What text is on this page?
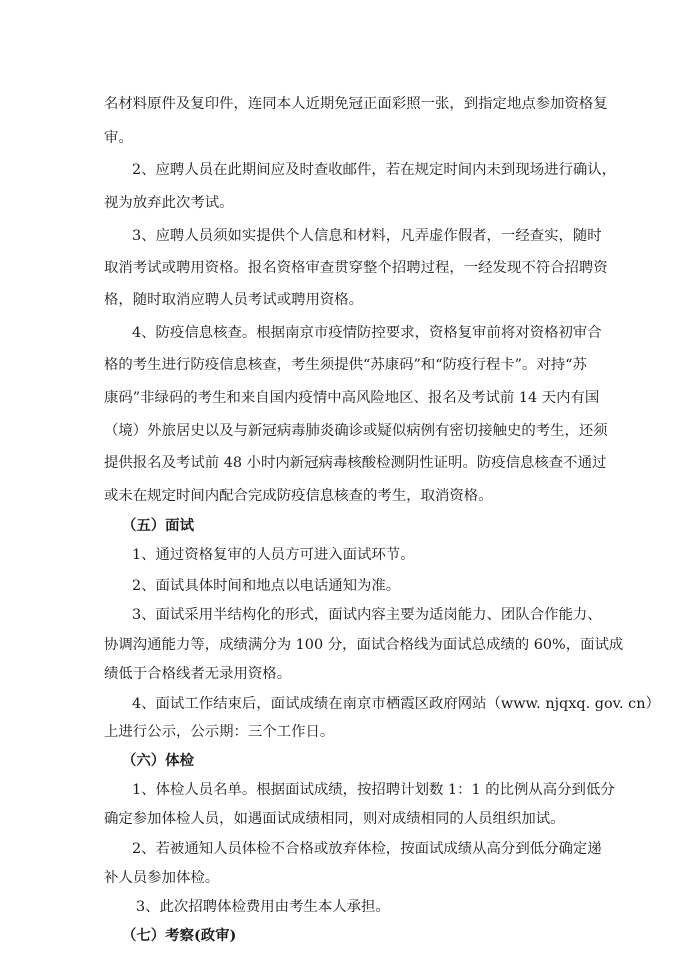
名材料原件及复印件，连同本人近期免冠正面彩照一张，到指定地点参加资格复
审。
2、应聘人员在此期间应及时查收邮件，若在规定时间内未到现场进行确认，
视为放弃此次考试。
3、应聘人员须如实提供个人信息和材料，凡弄虚作假者，一经查实，随时
取消考试或聘用资格。报名资格审查贯穿整个招聘过程，一经发现不符合招聘资
格，随时取消应聘人员考试或聘用资格。
4、防疫信息核查。根据南京市疫情防控要求，资格复审前将对资格初审合
格的考生进行防疫信息核查，考生须提供“苏康码”和“防疫行程卡”。对持“苏
康码”非绿码的考生和来自国内疫情中高风险地区、报名及考试前 14 天内有国
（境）外旅居史以及与新冠病毒肺炎确诊或疑似病例有密切接触史的考生，还须
提供报名及考试前 48 小时内新冠病毒核酸检测阴性证明。防疫信息核查不通过
或未在规定时间内配合完成防疫信息核查的考生，取消资格。
（五）面试
1、通过资格复审的人员方可进入面试环节。
2、面试具体时间和地点以电话通知为准。
3、面试采用半结构化的形式，面试内容主要为适岗能力、团队合作能力、
协调沟通能力等，成绩满分为 100 分，面试合格线为面试总成绩的 60%，面试成
绩低于合格线者无录用资格。
4、面试工作结束后，面试成绩在南京市栖霞区政府网站（www. njqxq. gov. cn）
上进行公示，公示期：三个工作日。
（六）体检
1、体检人员名单。根据面试成绩，按招聘计划数 1：1 的比例从高分到低分
确定参加体检人员，如遇面试成绩相同，则对成绩相同的人员组织加试。
2、若被通知人员体检不合格或放弃体检，按面试成绩从高分到低分确定递
补人员参加体检。
3、此次招聘体检费用由考生本人承担。
（七）考察(政审)
